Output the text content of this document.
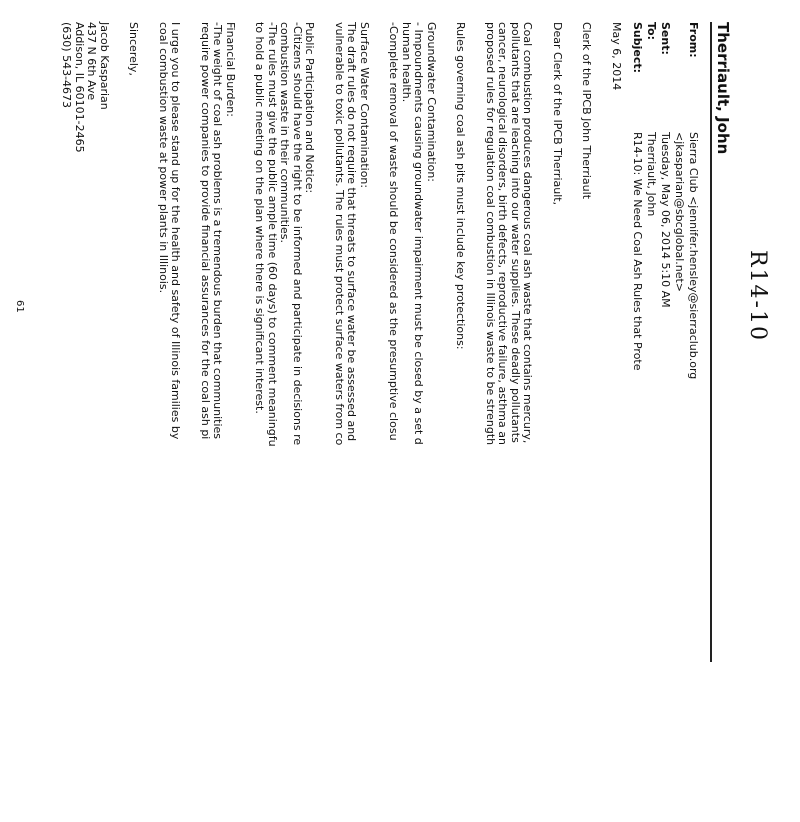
R14-10
Therriault, John
From:Sierra Club <jennifer.hensley@sierraclub.org
<jkasparian@sbcglobal.net>
Sent:Tuesday, May 06, 2014 5:10 AM
To:Therriault, John
Subject:R14-10: We Need Coal Ash Rules that Prote
May 6, 2014
Clerk of the IPCB John Therriault
Dear Clerk of the IPCB Therriault,
Coal combustion produces dangerous coal ash waste that contains mercury,
pollutants that are leaching into our water supplies. These deadly pollutants
cancer, neurological disorders, birth defects, reproductive failure, asthma an
proposed rules for regulation coal combustion in Illinois waste to be strength
Rules governing coal ash pits must include key protections:
Groundwater Contamination:
- Impoundments causing groundwater impairment must be closed by a set d
human health.
-Complete removal of waste should be considered as the presumptive closu
Surface Water Contamination:
The draft rules do not require that threats to surface water be assessed and
vulnerable to toxic pollutants. The rules must protect surface waters from co
Public Participation and Notice:
-Citizens should have the right to be informed and participate in decisions re
combustion waste in their communities.
-The rules must give the public ample time (60 days) to comment meaningfu
to hold a public meeting on the plan where there is significant interest.
Financial Burden:
-The weight of coal ash problems is a tremendous burden that communities
require power companies to provide financial assurances for the coal ash pi
I urge you to please stand up for the health and safety of Illinois families by
coal combustion waste at power plants in Illinois.
Sincerely,
Jacob Kasparian
437 N 6th Ave
Addison, IL 60101-2465
(630) 543-4673
61
